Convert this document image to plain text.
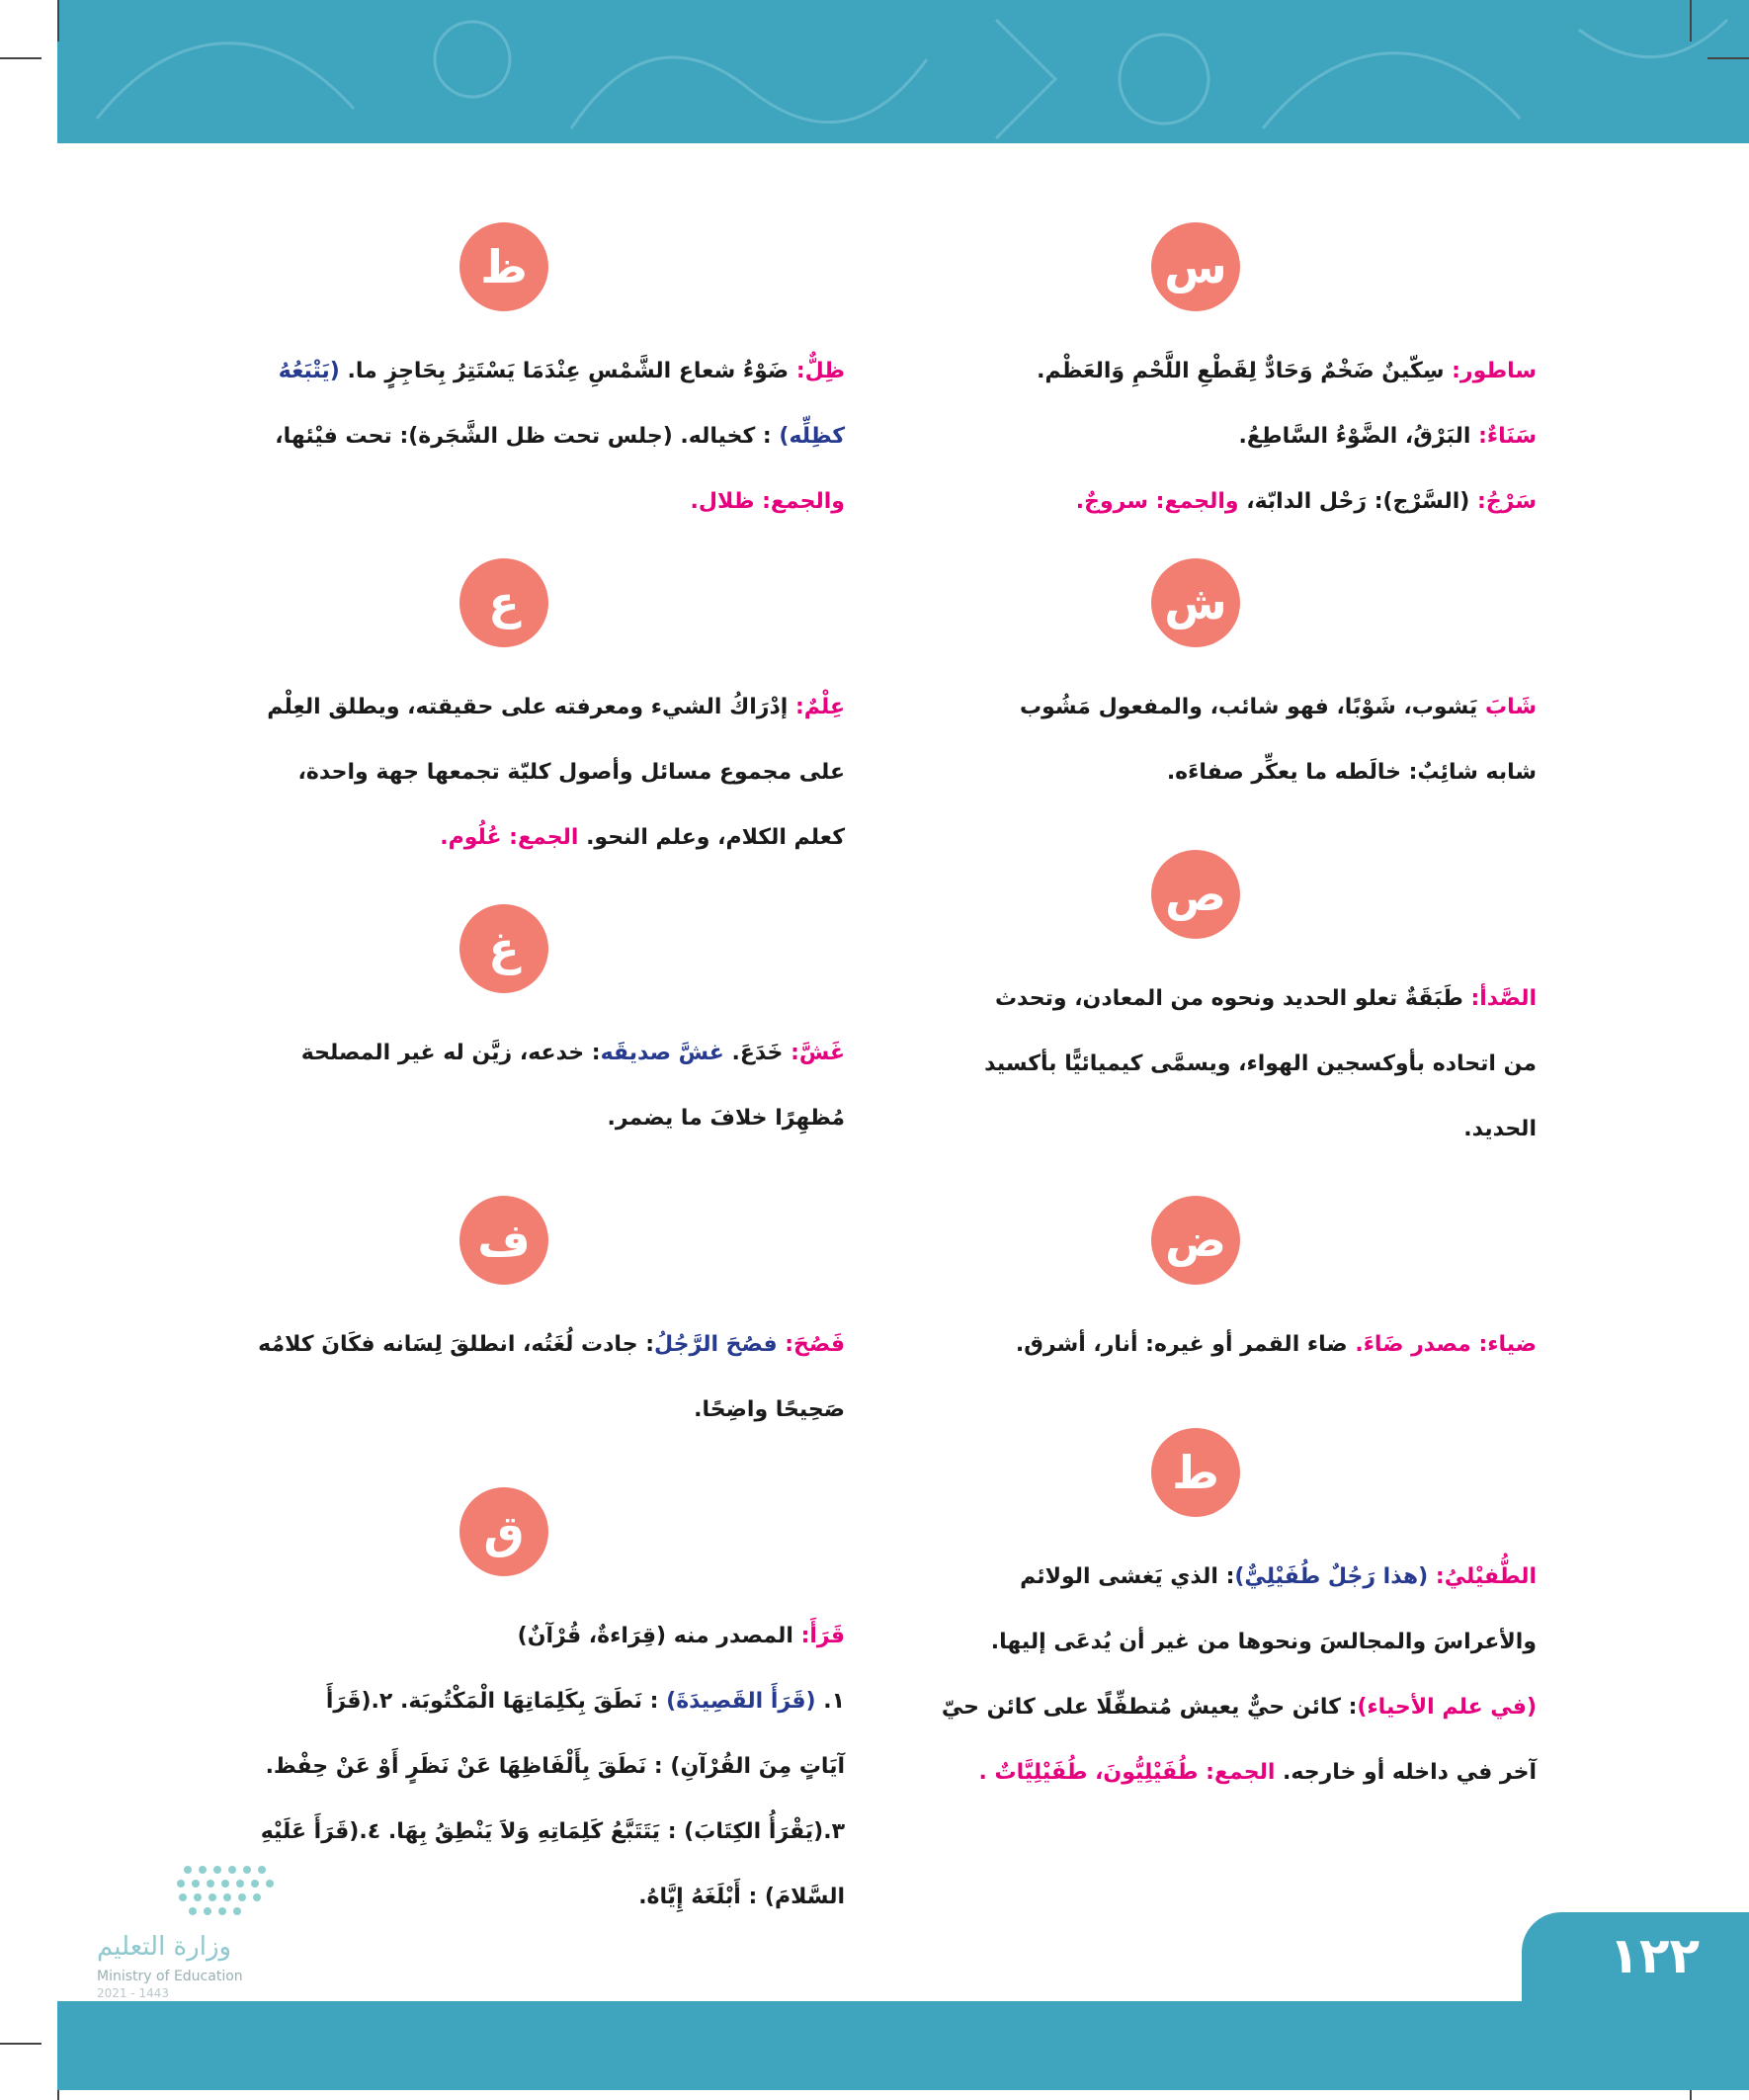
س
ساطور: سِكّينٌ ضَخْمٌ وَحَادٌّ لِقَطْعِ اللَّحْمِ وَالعَظْم.
سَنَاءٌ: البَرْقُ، الضَّوْءُ السَّاطِعُ.
سَرْجُ: (السَّرْج): رَحْل الدابّة، والجمع: سروجٌ.
ش
شَابَ يَشوب، شَوْبًا، فهو شائب، والمفعول مَشُوب
شابه شائِبٌ: خالَطه ما يعكِّر صفاءَه.
ص
الصَّدأ: طَبَقَةٌ تعلو الحديد ونحوه من المعادن، وتحدث
من اتحاده بأوكسجين الهواء، ويسمَّى كيميائيًّا بأكسيد
الحديد.
ض
ضياء: مصدر ضَاءَ. ضاء القمر أو غيره: أنار، أشرق.
ط
الطُّفيْليُ: (هذا رَجُلٌ طُفَيْلِيٌّ): الذي يَغشى الولائم
والأعراسَ والمجالسَ ونحوها من غير أن يُدعَى إليها.
(في علم الأحياء): كائن حيٌّ يعيش مُتطفِّلًا على كائن حيّ
آخر في داخله أو خارجه. الجمع: طُفَيْلِيُّونَ، طُفَيْلِيَّاتٌ .
ظ
ظِلٌّ: ضَوْءُ شعاع الشَّمْسِ عِنْدَمَا يَسْتَتِرُ بِحَاجِزٍ ما. (يَتْبَعُهُ
كظِلِّه) : كخياله. (جلس تحت ظل الشَّجَرة): تحت فيْئها،
والجمع: ظلال.
ع
عِلْمٌ: إدْرَاكُ الشيء ومعرفته على حقيقته، ويطلق العِلْم
على مجموع مسائل وأصول كليّة تجمعها جهة واحدة،
كعلم الكلام، وعلم النحو. الجمع: عُلُوم.
غ
غَشَّ: خَدَعَ. غشَّ صديقَه: خدعه، زيَّن له غير المصلحة
مُظهِرًا خلافَ ما يضمر.
ف
فَصُحَ: فصُحَ الرَّجُلُ: جادت لُغَتُه، انطلقَ لِسَانه فكَانَ كلامُه
صَحِيحًا واضِحًا.
ق
قَرَأَ: المصدر منه (قِرَاءةٌ، قُرْآنٌ)
١. (قَرَأَ القَصِيدَةَ) : نَطَقَ بِكَلِمَاتِهَا الْمَكْتُوبَة. ٢.(قَرَأَ
آيَاتٍ مِنَ القُرْآنِ) : نَطَقَ بِأَلْفَاظِهَا عَنْ نَظَرٍ أَوْ عَنْ حِفْظ.
٣.(يَقْرَأُ الكِتَابَ) : يَتَتَبَّعُ كَلِمَاتِهِ وَلاَ يَنْطِقُ بِهَا. ٤.(قَرَأَ عَلَيْهِ
السَّلامَ) : أَبْلَغَهُ إِيَّاهُ.
وزارة التعليم
Ministry of Education
2021 - 1443
١٢٢
